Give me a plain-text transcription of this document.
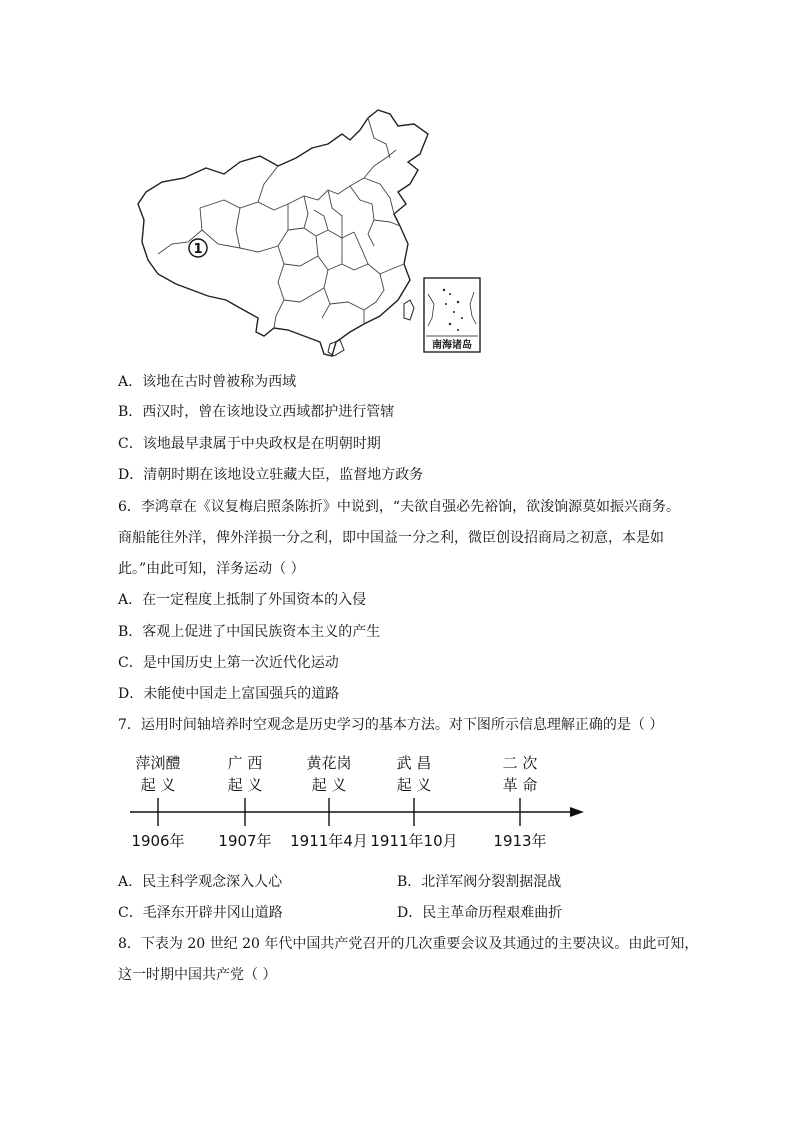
1
南海诸岛
A．该地在古时曾被称为西域
B．西汉时，曾在该地设立西域都护进行管辖
C．该地最早隶属于中央政权是在明朝时期
D．清朝时期在该地设立驻藏大臣，监督地方政务
6．李鸿章在《议复梅启照条陈折》中说到，“夫欲自强必先裕饷，欲浚饷源莫如振兴商务。
商船能往外洋，俾外洋损一分之利，即中国益一分之利，微臣创设招商局之初意，本是如
此。”由此可知，洋务运动（ ）
A．在一定程度上抵制了外国资本的入侵
B．客观上促进了中国民族资本主义的产生
C．是中国历史上第一次近代化运动
D．未能使中国走上富国强兵的道路
7．运用时间轴培养时空观念是历史学习的基本方法。对下图所示信息理解正确的是（ ）
萍浏醴
起 义
1906年
广 西
起 义
1907年
黄花岗
起 义
1911年4月
武 昌
起 义
1911年10月
二 次
革 命
1913年
A．民主科学观念深入人心	B．北洋军阀分裂割据混战
C．毛泽东开辟井冈山道路	D．民主革命历程艰难曲折
8．下表为 20 世纪 20 年代中国共产党召开的几次重要会议及其通过的主要决议。由此可知，
这一时期中国共产党（ ）
